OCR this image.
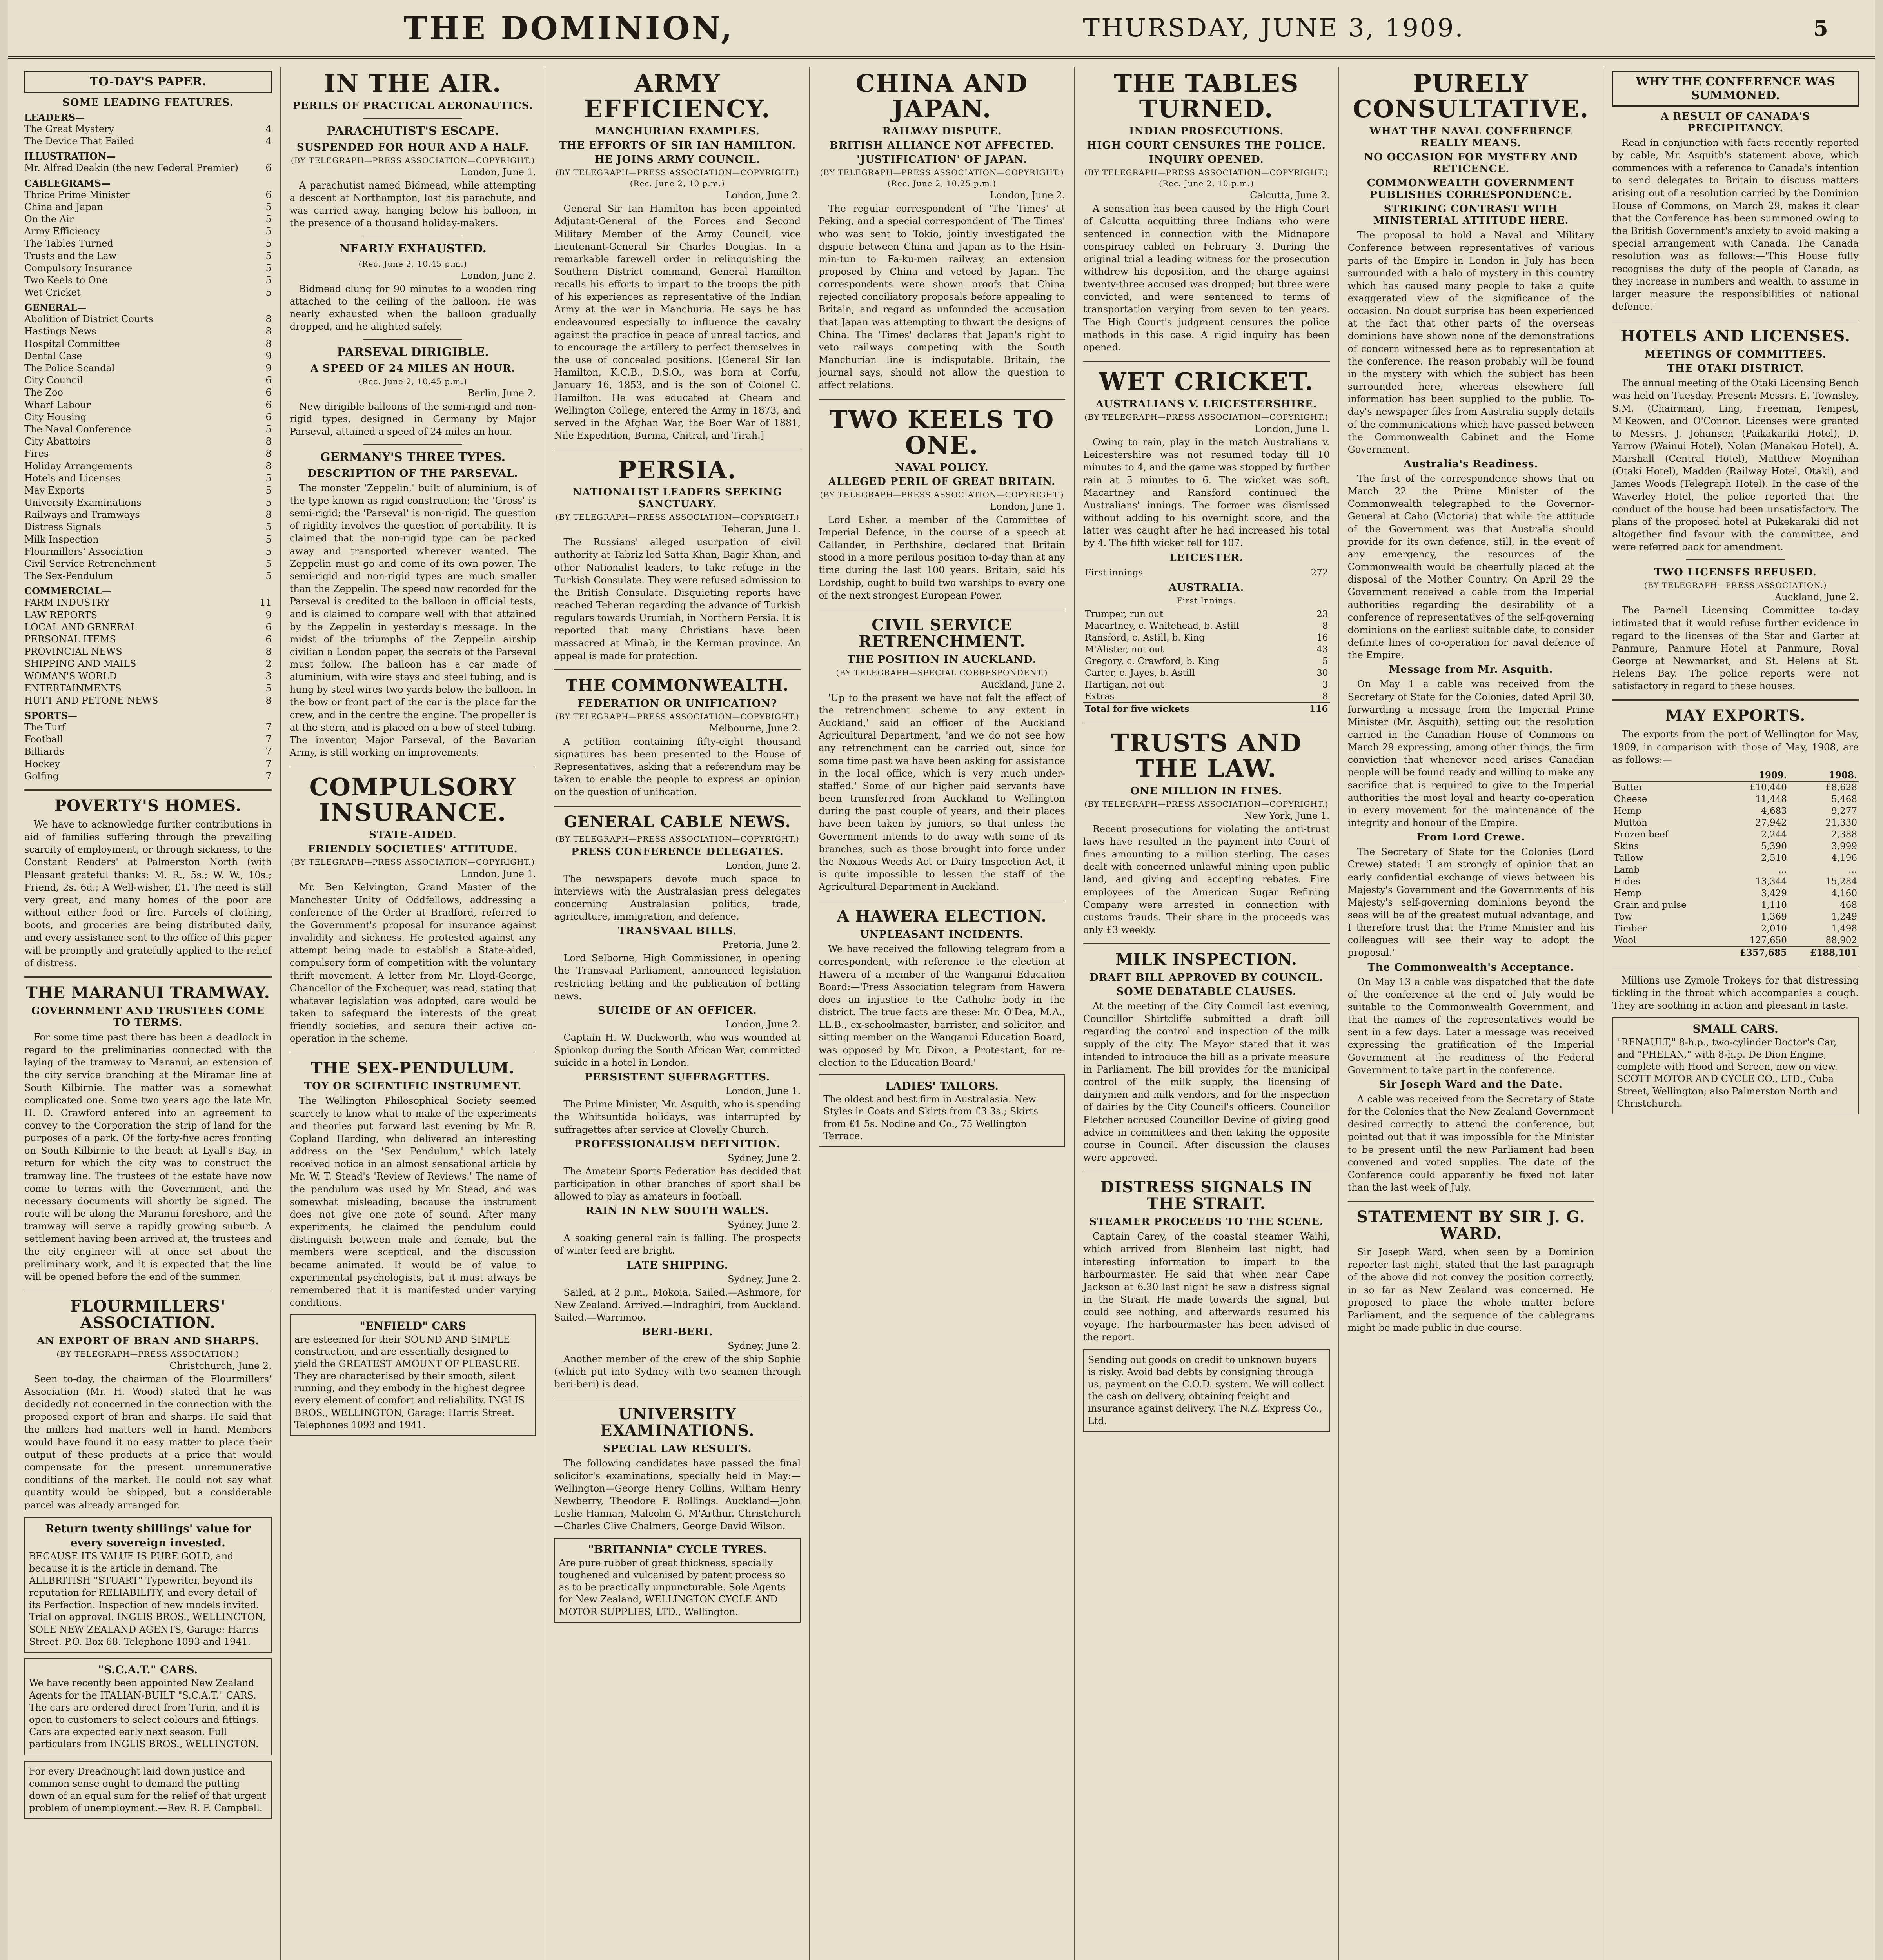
THE DOMINION,	THURSDAY, JUNE 3, 1909.	5
TO-DAY'S PAPER.
SOME LEADING FEATURES.
LEADERS—
The Great Mystery	4
The Device That Failed	4
ILLUSTRATION—
Mr. Alfred Deakin (the new Federal Premier)	6
CABLEGRAMS—
Thrice Prime Minister	6
China and Japan	5
On the Air	5
Army Efficiency	5
The Tables Turned	5
Trusts and the Law	5
Compulsory Insurance	5
Two Keels to One	5
Wet Cricket	5
GENERAL—
Abolition of District Courts	8
Hastings News	8
Hospital Committee	8
Dental Case	9
The Police Scandal	9
City Council	6
The Zoo	6
Wharf Labour	6
City Housing	6
The Naval Conference	5
City Abattoirs	8
Fires	8
Holiday Arrangements	8
Hotels and Licenses	5
May Exports	5
University Examinations	5
Railways and Tramways	8
Distress Signals	5
Milk Inspection	5
Flourmillers' Association	5
Civil Service Retrenchment	5
The Sex-Pendulum	5
COMMERCIAL—
FARM INDUSTRY	11
LAW REPORTS	9
LOCAL AND GENERAL	6
PERSONAL ITEMS	6
PROVINCIAL NEWS	8
SHIPPING AND MAILS	2
WOMAN'S WORLD	3
ENTERTAINMENTS	5
HUTT AND PETONE NEWS	8
SPORTS—
The Turf	7
Football	7
Billiards	7
Hockey	7
Golfing	7
POVERTY'S HOMES.

We have to acknowledge further contributions in aid of families suffering through the prevailing scarcity of employment, or through sickness, to the Constant Readers' at Palmerston North (with Pleasant grateful thanks: M. R., 5s.; W. W., 10s.; Friend, 2s. 6d.; A Well-wisher, £1. The need is still very great, and many homes of the poor are without either food or fire. Parcels of clothing, boots, and groceries are being distributed daily, and every assistance sent to the office of this paper will be promptly and gratefully applied to the relief of distress.

THE MARANUI TRAMWAY.
GOVERNMENT AND TRUSTEES COME TO TERMS.

For some time past there has been a deadlock in regard to the preliminaries connected with the laying of the tramway to Maranui, an extension of the city service branching at the Miramar line at South Kilbirnie. The matter was a somewhat complicated one. Some two years ago the late Mr. H. D. Crawford entered into an agreement to convey to the Corporation the strip of land for the purposes of a park. Of the forty-five acres fronting on South Kilbirnie to the beach at Lyall's Bay, in return for which the city was to construct the tramway line. The trustees of the estate have now come to terms with the Government, and the necessary documents will shortly be signed. The route will be along the Maranui foreshore, and the tramway will serve a rapidly growing suburb. A settlement having been arrived at, the trustees and the city engineer will at once set about the preliminary work, and it is expected that the line will be opened before the end of the summer.

FLOURMILLERS' ASSOCIATION.
AN EXPORT OF BRAN AND SHARPS.
(BY TELEGRAPH—PRESS ASSOCIATION.)
Christchurch, June 2.

Seen to-day, the chairman of the Flourmillers' Association (Mr. H. Wood) stated that he was decidedly not concerned in the connection with the proposed export of bran and sharps. He said that the millers had matters well in hand. Members would have found it no easy matter to place their output of these products at a price that would compensate for the present unremunerative conditions of the market. He could not say what quantity would be shipped, but a considerable parcel was already arranged for.

Return twenty shillings' value for every sovereign invested.
BECAUSE ITS VALUE IS PURE GOLD, and because it is the article in demand. The ALLBRITISH "STUART" Typewriter, beyond its reputation for RELIABILITY, and every detail of its Perfection. Inspection of new models invited. Trial on approval. INGLIS BROS., WELLINGTON, SOLE NEW ZEALAND AGENTS, Garage: Harris Street. P.O. Box 68. Telephone 1093 and 1941.
"S.C.A.T." CARS.
We have recently been appointed New Zealand Agents for the ITALIAN-BUILT "S.C.A.T." CARS. The cars are ordered direct from Turin, and it is open to customers to select colours and fittings. Cars are expected early next season. Full particulars from INGLIS BROS., WELLINGTON.
For every Dreadnought laid down justice and common sense ought to demand the putting down of an equal sum for the relief of that urgent problem of unemployment.—Rev. R. F. Campbell.
IN THE AIR.
PERILS OF PRACTICAL AERONAUTICS.
PARACHUTIST'S ESCAPE.
SUSPENDED FOR HOUR AND A HALF.
(BY TELEGRAPH—PRESS ASSOCIATION—COPYRIGHT.)
London, June 1.

A parachutist named Bidmead, while attempting a descent at Northampton, lost his parachute, and was carried away, hanging below his balloon, in the presence of a thousand holiday-makers.

NEARLY EXHAUSTED.
(Rec. June 2, 10.45 p.m.)
London, June 2.

Bidmead clung for 90 minutes to a wooden ring attached to the ceiling of the balloon. He was nearly exhausted when the balloon gradually dropped, and he alighted safely.

PARSEVAL DIRIGIBLE.
A SPEED OF 24 MILES AN HOUR.
(Rec. June 2, 10.45 p.m.)
Berlin, June 2.

New dirigible balloons of the semi-rigid and non-rigid types, designed in Germany by Major Parseval, attained a speed of 24 miles an hour.

GERMANY'S THREE TYPES.
DESCRIPTION OF THE PARSEVAL.

The monster 'Zeppelin,' built of aluminium, is of the type known as rigid construction; the 'Gross' is semi-rigid; the 'Parseval' is non-rigid. The question of rigidity involves the question of portability. It is claimed that the non-rigid type can be packed away and transported wherever wanted. The Zeppelin must go and come of its own power. The semi-rigid and non-rigid types are much smaller than the Zeppelin. The speed now recorded for the Parseval is credited to the balloon in official tests, and is claimed to compare well with that attained by the Zeppelin in yesterday's message. In the midst of the triumphs of the Zeppelin airship civilian a London paper, the secrets of the Parseval must follow. The balloon has a car made of aluminium, with wire stays and steel tubing, and is hung by steel wires two yards below the balloon. In the bow or front part of the car is the place for the crew, and in the centre the engine. The propeller is at the stern, and is placed on a bow of steel tubing. The inventor, Major Parseval, of the Bavarian Army, is still working on improvements.

COMPULSORY INSURANCE.
STATE-AIDED.
FRIENDLY SOCIETIES' ATTITUDE.
(BY TELEGRAPH—PRESS ASSOCIATION—COPYRIGHT.)
London, June 1.

Mr. Ben Kelvington, Grand Master of the Manchester Unity of Oddfellows, addressing a conference of the Order at Bradford, referred to the Government's proposal for insurance against invalidity and sickness. He protested against any attempt being made to establish a State-aided, compulsory form of competition with the voluntary thrift movement. A letter from Mr. Lloyd-George, Chancellor of the Exchequer, was read, stating that whatever legislation was adopted, care would be taken to safeguard the interests of the great friendly societies, and secure their active co-operation in the scheme.

THE SEX-PENDULUM.
TOY OR SCIENTIFIC INSTRUMENT.

The Wellington Philosophical Society seemed scarcely to know what to make of the experiments and theories put forward last evening by Mr. R. Copland Harding, who delivered an interesting address on the 'Sex Pendulum,' which lately received notice in an almost sensational article by Mr. W. T. Stead's 'Review of Reviews.' The name of the pendulum was used by Mr. Stead, and was somewhat misleading, because the instrument does not give one note of sound. After many experiments, he claimed the pendulum could distinguish between male and female, but the members were sceptical, and the discussion became animated. It would be of value to experimental psychologists, but it must always be remembered that it is manifested under varying conditions.

"ENFIELD" CARS
are esteemed for their SOUND AND SIMPLE construction, and are essentially designed to yield the GREATEST AMOUNT OF PLEASURE. They are characterised by their smooth, silent running, and they embody in the highest degree every element of comfort and reliability. INGLIS BROS., WELLINGTON, Garage: Harris Street. Telephones 1093 and 1941.
ARMY EFFICIENCY.
MANCHURIAN EXAMPLES.
THE EFFORTS OF SIR IAN HAMILTON.
HE JOINS ARMY COUNCIL.
(BY TELEGRAPH—PRESS ASSOCIATION—COPYRIGHT.)
(Rec. June 2, 10 p.m.)
London, June 2.

General Sir Ian Hamilton has been appointed Adjutant-General of the Forces and Second Military Member of the Army Council, vice Lieutenant-General Sir Charles Douglas. In a remarkable farewell order in relinquishing the Southern District command, General Hamilton recalls his efforts to impart to the troops the pith of his experiences as representative of the Indian Army at the war in Manchuria. He says he has endeavoured especially to influence the cavalry against the practice in peace of unreal tactics, and to encourage the artillery to perfect themselves in the use of concealed positions. [General Sir Ian Hamilton, K.C.B., D.S.O., was born at Corfu, January 16, 1853, and is the son of Colonel C. Hamilton. He was educated at Cheam and Wellington College, entered the Army in 1873, and served in the Afghan War, the Boer War of 1881, Nile Expedition, Burma, Chitral, and Tirah.]

PERSIA.
NATIONALIST LEADERS SEEKING SANCTUARY.
(BY TELEGRAPH—PRESS ASSOCIATION—COPYRIGHT.)
Teheran, June 1.

The Russians' alleged usurpation of civil authority at Tabriz led Satta Khan, Bagir Khan, and other Nationalist leaders, to take refuge in the Turkish Consulate. They were refused admission to the British Consulate. Disquieting reports have reached Teheran regarding the advance of Turkish regulars towards Urumiah, in Northern Persia. It is reported that many Christians have been massacred at Minab, in the Kerman province. An appeal is made for protection.

THE COMMONWEALTH.
FEDERATION OR UNIFICATION?
(BY TELEGRAPH—PRESS ASSOCIATION—COPYRIGHT.)
Melbourne, June 2.

A petition containing fifty-eight thousand signatures has been presented to the House of Representatives, asking that a referendum may be taken to enable the people to express an opinion on the question of unification.

GENERAL CABLE NEWS.
(BY TELEGRAPH—PRESS ASSOCIATION—COPYRIGHT.)
PRESS CONFERENCE DELEGATES.
London, June 2.

The newspapers devote much space to interviews with the Australasian press delegates concerning Australasian politics, trade, agriculture, immigration, and defence.

TRANSVAAL BILLS.
Pretoria, June 2.

Lord Selborne, High Commissioner, in opening the Transvaal Parliament, announced legislation restricting betting and the publication of betting news.

SUICIDE OF AN OFFICER.
London, June 2.

Captain H. W. Duckworth, who was wounded at Spionkop during the South African War, committed suicide in a hotel in London.

PERSISTENT SUFFRAGETTES.
London, June 1.

The Prime Minister, Mr. Asquith, who is spending the Whitsuntide holidays, was interrupted by suffragettes after service at Clovelly Church.

PROFESSIONALISM DEFINITION.
Sydney, June 2.

The Amateur Sports Federation has decided that participation in other branches of sport shall be allowed to play as amateurs in football.

RAIN IN NEW SOUTH WALES.
Sydney, June 2.

A soaking general rain is falling. The prospects of winter feed are bright.

LATE SHIPPING.
Sydney, June 2.

Sailed, at 2 p.m., Mokoia. Sailed.—Ashmore, for New Zealand. Arrived.—Indraghiri, from Auckland. Sailed.—Warrimoo.

BERI-BERI.
Sydney, June 2.

Another member of the crew of the ship Sophie (which put into Sydney with two seamen through beri-beri) is dead.

UNIVERSITY EXAMINATIONS.
SPECIAL LAW RESULTS.

The following candidates have passed the final solicitor's examinations, specially held in May:— Wellington—George Henry Collins, William Henry Newberry, Theodore F. Rollings. Auckland—John Leslie Hannan, Malcolm G. M'Arthur. Christchurch—Charles Clive Chalmers, George David Wilson.

"BRITANNIA" CYCLE TYRES.
Are pure rubber of great thickness, specially toughened and vulcanised by patent process so as to be practically unpuncturable. Sole Agents for New Zealand, WELLINGTON CYCLE AND MOTOR SUPPLIES, LTD., Wellington.
CHINA AND JAPAN.
RAILWAY DISPUTE.
BRITISH ALLIANCE NOT AFFECTED.
'JUSTIFICATION' OF JAPAN.
(BY TELEGRAPH—PRESS ASSOCIATION—COPYRIGHT.)
(Rec. June 2, 10.25 p.m.)
London, June 2.

The regular correspondent of 'The Times' at Peking, and a special correspondent of 'The Times' who was sent to Tokio, jointly investigated the dispute between China and Japan as to the Hsin-min-tun to Fa-ku-men railway, an extension proposed by China and vetoed by Japan. The correspondents were shown proofs that China rejected conciliatory proposals before appealing to Britain, and regard as unfounded the accusation that Japan was attempting to thwart the designs of China. The 'Times' declares that Japan's right to veto railways competing with the South Manchurian line is indisputable. Britain, the journal says, should not allow the question to affect relations.

TWO KEELS TO ONE.
NAVAL POLICY.
ALLEGED PERIL OF GREAT BRITAIN.
(BY TELEGRAPH—PRESS ASSOCIATION—COPYRIGHT.)
London, June 1.

Lord Esher, a member of the Committee of Imperial Defence, in the course of a speech at Callander, in Perthshire, declared that Britain stood in a more perilous position to-day than at any time during the last 100 years. Britain, said his Lordship, ought to build two warships to every one of the next strongest European Power.

CIVIL SERVICE RETRENCHMENT.
THE POSITION IN AUCKLAND.
(BY TELEGRAPH—SPECIAL CORRESPONDENT.)
Auckland, June 2.

'Up to the present we have not felt the effect of the retrenchment scheme to any extent in Auckland,' said an officer of the Auckland Agricultural Department, 'and we do not see how any retrenchment can be carried out, since for some time past we have been asking for assistance in the local office, which is very much under-staffed.' Some of our higher paid servants have been transferred from Auckland to Wellington during the past couple of years, and their places have been taken by juniors, so that unless the Government intends to do away with some of its branches, such as those brought into force under the Noxious Weeds Act or Dairy Inspection Act, it is quite impossible to lessen the staff of the Agricultural Department in Auckland.

A HAWERA ELECTION.
UNPLEASANT INCIDENTS.

We have received the following telegram from a correspondent, with reference to the election at Hawera of a member of the Wanganui Education Board:—'Press Association telegram from Hawera does an injustice to the Catholic body in the district. The true facts are these: Mr. O'Dea, M.A., LL.B., ex-schoolmaster, barrister, and solicitor, and sitting member on the Wanganui Education Board, was opposed by Mr. Dixon, a Protestant, for re-election to the Education Board.'

LADIES' TAILORS.
The oldest and best firm in Australasia. New Styles in Coats and Skirts from £3 3s.; Skirts from £1 5s. Nodine and Co., 75 Wellington Terrace.
THE TABLES TURNED.
INDIAN PROSECUTIONS.
HIGH COURT CENSURES THE POLICE.
INQUIRY OPENED.
(BY TELEGRAPH—PRESS ASSOCIATION—COPYRIGHT.)
(Rec. June 2, 10 p.m.)
Calcutta, June 2.

A sensation has been caused by the High Court of Calcutta acquitting three Indians who were sentenced in connection with the Midnapore conspiracy cabled on February 3. During the original trial a leading witness for the prosecution withdrew his deposition, and the charge against twenty-three accused was dropped; but three were convicted, and were sentenced to terms of transportation varying from seven to ten years. The High Court's judgment censures the police methods in this case. A rigid inquiry has been opened.

WET CRICKET.
AUSTRALIANS V. LEICESTERSHIRE.
(BY TELEGRAPH—PRESS ASSOCIATION—COPYRIGHT.)
London, June 1.

Owing to rain, play in the match Australians v. Leicestershire was not resumed today till 10 minutes to 4, and the game was stopped by further rain at 5 minutes to 6. The wicket was soft. Macartney and Ransford continued the Australians' innings. The former was dismissed without adding to his overnight score, and the latter was caught after he had increased his total by 4. The fifth wicket fell for 107.

LEICESTER.
First innings	272
AUSTRALIA.
First Innings.
Trumper, run out	23
Macartney, c. Whitehead, b. Astill	8
Ransford, c. Astill, b. King	16
M'Alister, not out	43
Gregory, c. Crawford, b. King	5
Carter, c. Jayes, b. Astill	30
Hartigan, not out	3
Extras	8
Total for five wickets	116
TRUSTS AND THE LAW.
ONE MILLION IN FINES.
(BY TELEGRAPH—PRESS ASSOCIATION—COPYRIGHT.)
New York, June 1.

Recent prosecutions for violating the anti-trust laws have resulted in the payment into Court of fines amounting to a million sterling. The cases dealt with concerned unlawful mining upon public land, and giving and accepting rebates. Fire employees of the American Sugar Refining Company were arrested in connection with customs frauds. Their share in the proceeds was only £3 weekly.

MILK INSPECTION.
DRAFT BILL APPROVED BY COUNCIL.
SOME DEBATABLE CLAUSES.

At the meeting of the City Council last evening, Councillor Shirtcliffe submitted a draft bill regarding the control and inspection of the milk supply of the city. The Mayor stated that it was intended to introduce the bill as a private measure in Parliament. The bill provides for the municipal control of the milk supply, the licensing of dairymen and milk vendors, and for the inspection of dairies by the City Council's officers. Councillor Fletcher accused Councillor Devine of giving good advice in committees and then taking the opposite course in Council. After discussion the clauses were approved.

DISTRESS SIGNALS IN THE STRAIT.
STEAMER PROCEEDS TO THE SCENE.

Captain Carey, of the coastal steamer Waihi, which arrived from Blenheim last night, had interesting information to impart to the harbourmaster. He said that when near Cape Jackson at 6.30 last night he saw a distress signal in the Strait. He made towards the signal, but could see nothing, and afterwards resumed his voyage. The harbourmaster has been advised of the report.

Sending out goods on credit to unknown buyers is risky. Avoid bad debts by consigning through us, payment on the C.O.D. system. We will collect the cash on delivery, obtaining freight and insurance against delivery. The N.Z. Express Co., Ltd.
PURELY CONSULTATIVE.
WHAT THE NAVAL CONFERENCE REALLY MEANS.
NO OCCASION FOR MYSTERY AND RETICENCE.
COMMONWEALTH GOVERNMENT PUBLISHES CORRESPONDENCE.
STRIKING CONTRAST WITH MINISTERIAL ATTITUDE HERE.

The proposal to hold a Naval and Military Conference between representatives of various parts of the Empire in London in July has been surrounded with a halo of mystery in this country which has caused many people to take a quite exaggerated view of the significance of the occasion. No doubt surprise has been experienced at the fact that other parts of the overseas dominions have shown none of the demonstrations of concern witnessed here as to representation at the conference. The reason probably will be found in the mystery with which the subject has been surrounded here, whereas elsewhere full information has been supplied to the public. To-day's newspaper files from Australia supply details of the communications which have passed between the Commonwealth Cabinet and the Home Government.

Australia's Readiness.

The first of the correspondence shows that on March 22 the Prime Minister of the Commonwealth telegraphed to the Governor-General at Cabo (Victoria) that while the attitude of the Government was that Australia should provide for its own defence, still, in the event of any emergency, the resources of the Commonwealth would be cheerfully placed at the disposal of the Mother Country. On April 29 the Government received a cable from the Imperial authorities regarding the desirability of a conference of representatives of the self-governing dominions on the earliest suitable date, to consider definite lines of co-operation for naval defence of the Empire.

Message from Mr. Asquith.

On May 1 a cable was received from the Secretary of State for the Colonies, dated April 30, forwarding a message from the Imperial Prime Minister (Mr. Asquith), setting out the resolution carried in the Canadian House of Commons on March 29 expressing, among other things, the firm conviction that whenever need arises Canadian people will be found ready and willing to make any sacrifice that is required to give to the Imperial authorities the most loyal and hearty co-operation in every movement for the maintenance of the integrity and honour of the Empire.

From Lord Crewe.

The Secretary of State for the Colonies (Lord Crewe) stated: 'I am strongly of opinion that an early confidential exchange of views between his Majesty's Government and the Governments of his Majesty's self-governing dominions beyond the seas will be of the greatest mutual advantage, and I therefore trust that the Prime Minister and his colleagues will see their way to adopt the proposal.'

The Commonwealth's Acceptance.

On May 13 a cable was dispatched that the date of the conference at the end of July would be suitable to the Commonwealth Government, and that the names of the representatives would be sent in a few days. Later a message was received expressing the gratification of the Imperial Government at the readiness of the Federal Government to take part in the conference.

Sir Joseph Ward and the Date.

A cable was received from the Secretary of State for the Colonies that the New Zealand Government desired correctly to attend the conference, but pointed out that it was impossible for the Minister to be present until the new Parliament had been convened and voted supplies. The date of the Conference could apparently be fixed not later than the last week of July.

STATEMENT BY SIR J. G. WARD.

Sir Joseph Ward, when seen by a Dominion reporter last night, stated that the last paragraph of the above did not convey the position correctly, in so far as New Zealand was concerned. He proposed to place the whole matter before Parliament, and the sequence of the cablegrams might be made public in due course.

WHY THE CONFERENCE WAS SUMMONED.
A RESULT OF CANADA'S PRECIPITANCY.

Read in conjunction with facts recently reported by cable, Mr. Asquith's statement above, which commences with a reference to Canada's intention to send delegates to Britain to discuss matters arising out of a resolution carried by the Dominion House of Commons, on March 29, makes it clear that the Conference has been summoned owing to the British Government's anxiety to avoid making a special arrangement with Canada. The Canada resolution was as follows:—'This House fully recognises the duty of the people of Canada, as they increase in numbers and wealth, to assume in larger measure the responsibilities of national defence.'

HOTELS AND LICENSES.
MEETINGS OF COMMITTEES.
THE OTAKI DISTRICT.

The annual meeting of the Otaki Licensing Bench was held on Tuesday. Present: Messrs. E. Townsley, S.M. (Chairman), Ling, Freeman, Tempest, M'Keowen, and O'Connor. Licenses were granted to Messrs. J. Johansen (Paikakariki Hotel), D. Yarrow (Wainui Hotel), Nolan (Manakau Hotel), A. Marshall (Central Hotel), Matthew Moynihan (Otaki Hotel), Madden (Railway Hotel, Otaki), and James Woods (Telegraph Hotel). In the case of the Waverley Hotel, the police reported that the conduct of the house had been unsatisfactory. The plans of the proposed hotel at Pukekaraki did not altogether find favour with the committee, and were referred back for amendment.

TWO LICENSES REFUSED.
(BY TELEGRAPH—PRESS ASSOCIATION.)
Auckland, June 2.

The Parnell Licensing Committee to-day intimated that it would refuse further evidence in regard to the licenses of the Star and Garter at Panmure, Panmure Hotel at Panmure, Royal George at Newmarket, and St. Helens at St. Helens Bay. The police reports were not satisfactory in regard to these houses.

MAY EXPORTS.

The exports from the port of Wellington for May, 1909, in comparison with those of May, 1908, are as follows:—

	1909.	1908.
Butter	£10,440	£8,628
Cheese	11,448	5,468
Hemp	4,683	9,277
Mutton	27,942	21,330
Frozen beef	2,244	2,388
Skins	5,390	3,999
Tallow	2,510	4,196
Lamb	...	...
Hides	13,344	15,284
Hemp	3,429	4,160
Grain and pulse	1,110	468
Tow	1,369	1,249
Timber	2,010	1,498
Wool	127,650	88,902
	£357,685	£188,101

Millions use Zymole Trokeys for that distressing tickling in the throat which accompanies a cough. They are soothing in action and pleasant in taste.

SMALL CARS.
"RENAULT," 8-h.p., two-cylinder Doctor's Car, and "PHELAN," with 8-h.p. De Dion Engine, complete with Hood and Screen, now on view. SCOTT MOTOR AND CYCLE CO., LTD., Cuba Street, Wellington; also Palmerston North and Christchurch.
